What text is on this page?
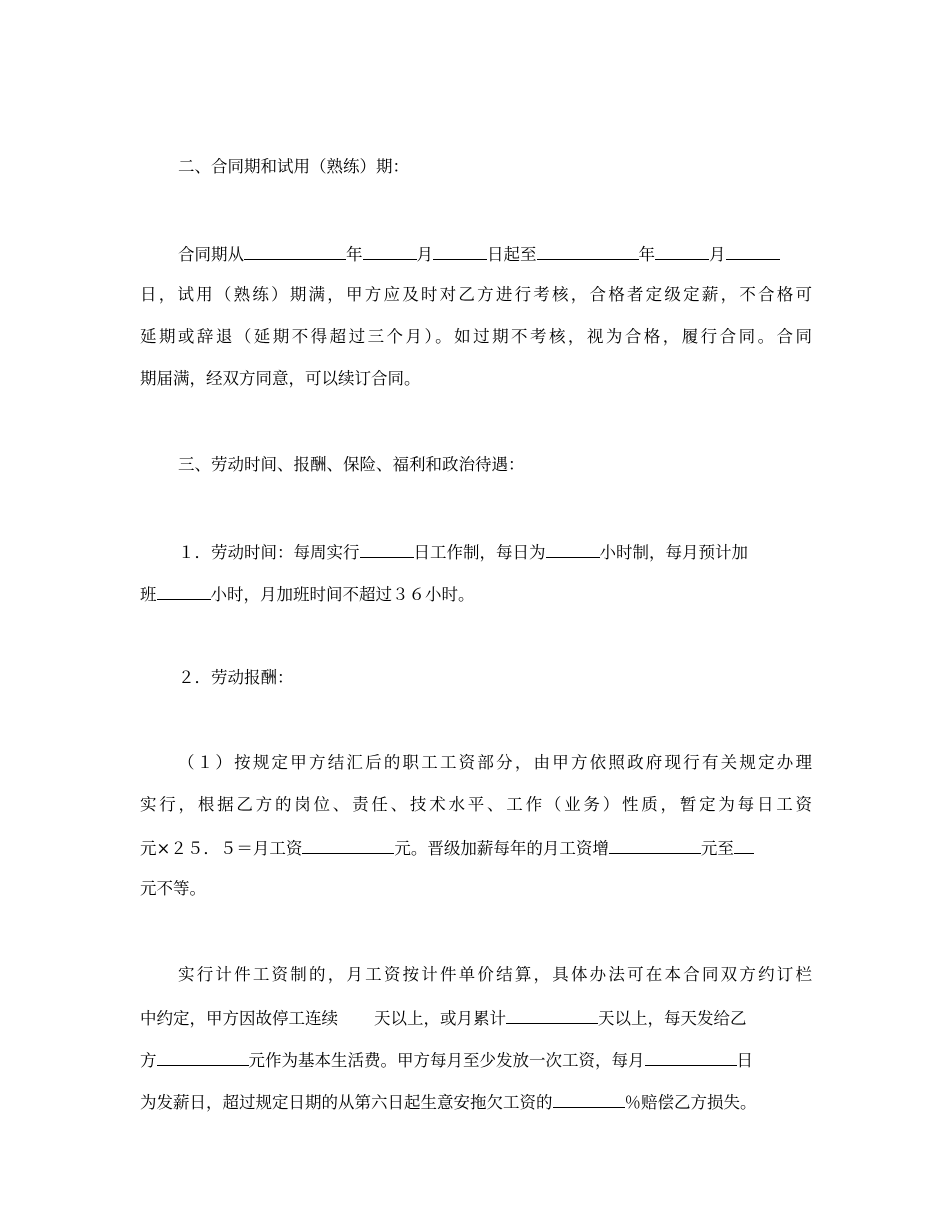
二、合同期和试用（熟练）期：
合同期从	年	月	日起至	年	月
日，试用（熟练）期满，甲方应及时对乙方进行考核，合格者定级定薪，不合格可
延期或辞退（延期不得超过三个月）。如过期不考核，视为合格，履行合同。合同
期届满，经双方同意，可以续订合同。
三、劳动时间、报酬、保险、福利和政治待遇：
１．劳动时间：每周实行	日工作制，每日为	小时制，每月预计加
班	小时，月加班时间不超过３６小时。
２．劳动报酬：
（１）按规定甲方结汇后的职工工资部分，由甲方依照政府现行有关规定办理
实行，根据乙方的岗位、责任、技术水平、工作（业务）性质，暂定为每日工资
元×２５．５＝月工资	元。晋级加薪每年的月工资增	元至
元不等。
实行计件工资制的，月工资按计件单价结算，具体办法可在本合同双方约订栏
中约定，甲方因故停工连续 天以上，或月累计	天以上，每天发给乙
方	元作为基本生活费。甲方每月至少发放一次工资，每月	日
为发薪日，超过规定日期的从第六日起生意安拖欠工资的	％赔偿乙方损失。
